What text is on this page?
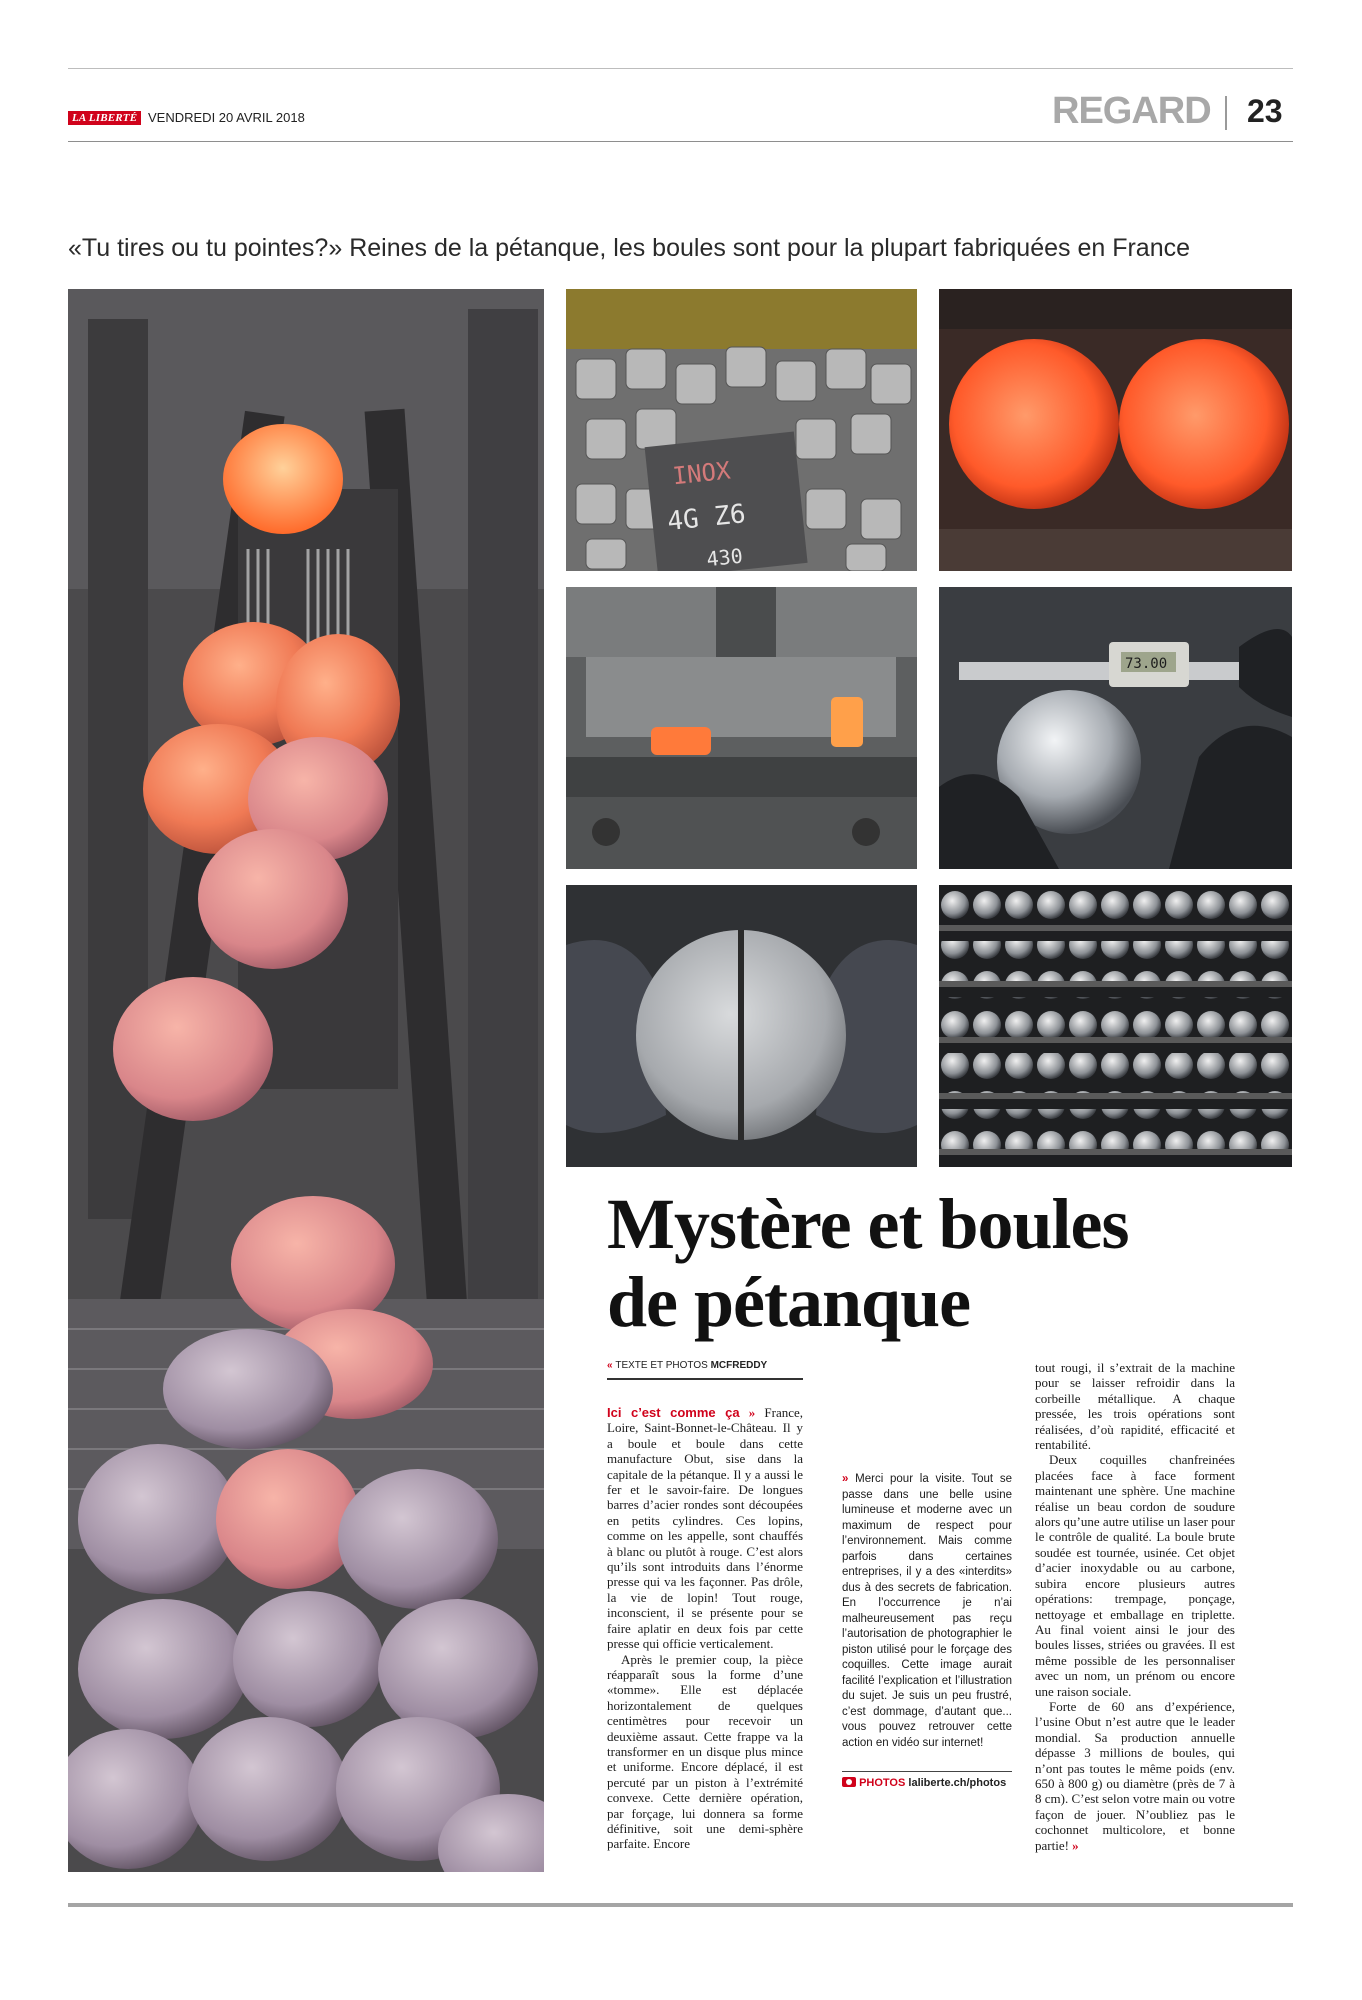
LA LIBERTÉ VENDREDI 20 AVRIL 2018	REGARD 23
«Tu tires ou tu pointes?» Reines de la pétanque, les boules sont pour la plupart fabriquées en France
INOX
4G Z6
430
73.00
Mystère et boules
de pétanque
« TEXTE ET PHOTOS MCFREDDY

Ici c’est comme ça » France, Loire, Saint-Bonnet-le-Château. Il y a boule et boule dans cette manufacture Obut, sise dans la capitale de la pétanque. Il y a aussi le fer et le savoir-faire. De longues barres d’acier rondes sont découpées en petits cylindres. Ces lopins, comme on les appelle, sont chauffés à blanc ou plutôt à rouge. C’est alors qu’ils sont introduits dans l’énorme presse qui va les façonner. Pas drôle, la vie de lopin! Tout rouge, inconscient, il se présente pour se faire aplatir en deux fois par cette presse qui officie verticalement.

Après le premier coup, la pièce réapparaît sous la forme d’une «tomme». Elle est déplacée horizontalement de quelques centimètres pour recevoir un deuxième assaut. Cette frappe va la transformer en un disque plus mince et uniforme. Encore déplacé, il est percuté par un piston à l’extrémité convexe. Cette dernière opération, par forçage, lui donnera sa forme définitive, soit une demi-sphère parfaite. Encore

» Merci pour la visite. Tout se passe dans une belle usine lumineuse et moderne avec un maximum de respect pour l’environnement. Mais comme parfois dans certaines entreprises, il y a des «interdits» dus à des secrets de fabrication. En l’occurrence je n’ai malheureusement pas reçu l’autorisation de photographier le piston utilisé pour le forçage des coquilles. Cette image aurait facilité l’explication et l’illustration du sujet. Je suis un peu frustré, c’est dommage, d’autant que... vous pouvez retrouver cette action en vidéo sur internet!

PHOTOS laliberte.ch/photos

tout rougi, il s’extrait de la machine pour se laisser refroidir dans la corbeille métallique. A chaque pressée, les trois opérations sont réalisées, d’où rapidité, efficacité et rentabilité.

Deux coquilles chanfreinées placées face à face forment maintenant une sphère. Une machine réalise un beau cordon de soudure alors qu’une autre utilise un laser pour le contrôle de qualité. La boule brute soudée est tournée, usinée. Cet objet d’acier inoxydable ou au carbone, subira encore plusieurs autres opérations: trempage, ponçage, nettoyage et emballage en triplette. Au final voient ainsi le jour des boules lisses, striées ou gravées. Il est même possible de les personnaliser avec un nom, un prénom ou encore une raison sociale.

Forte de 60 ans d’expérience, l’usine Obut n’est autre que le leader mondial. Sa production annuelle dépasse 3 millions de boules, qui n’ont pas toutes le même poids (env. 650 à 800 g) ou diamètre (près de 7 à 8 cm). C’est selon votre main ou votre façon de jouer. N’oubliez pas le cochonnet multicolore, et bonne partie! »
